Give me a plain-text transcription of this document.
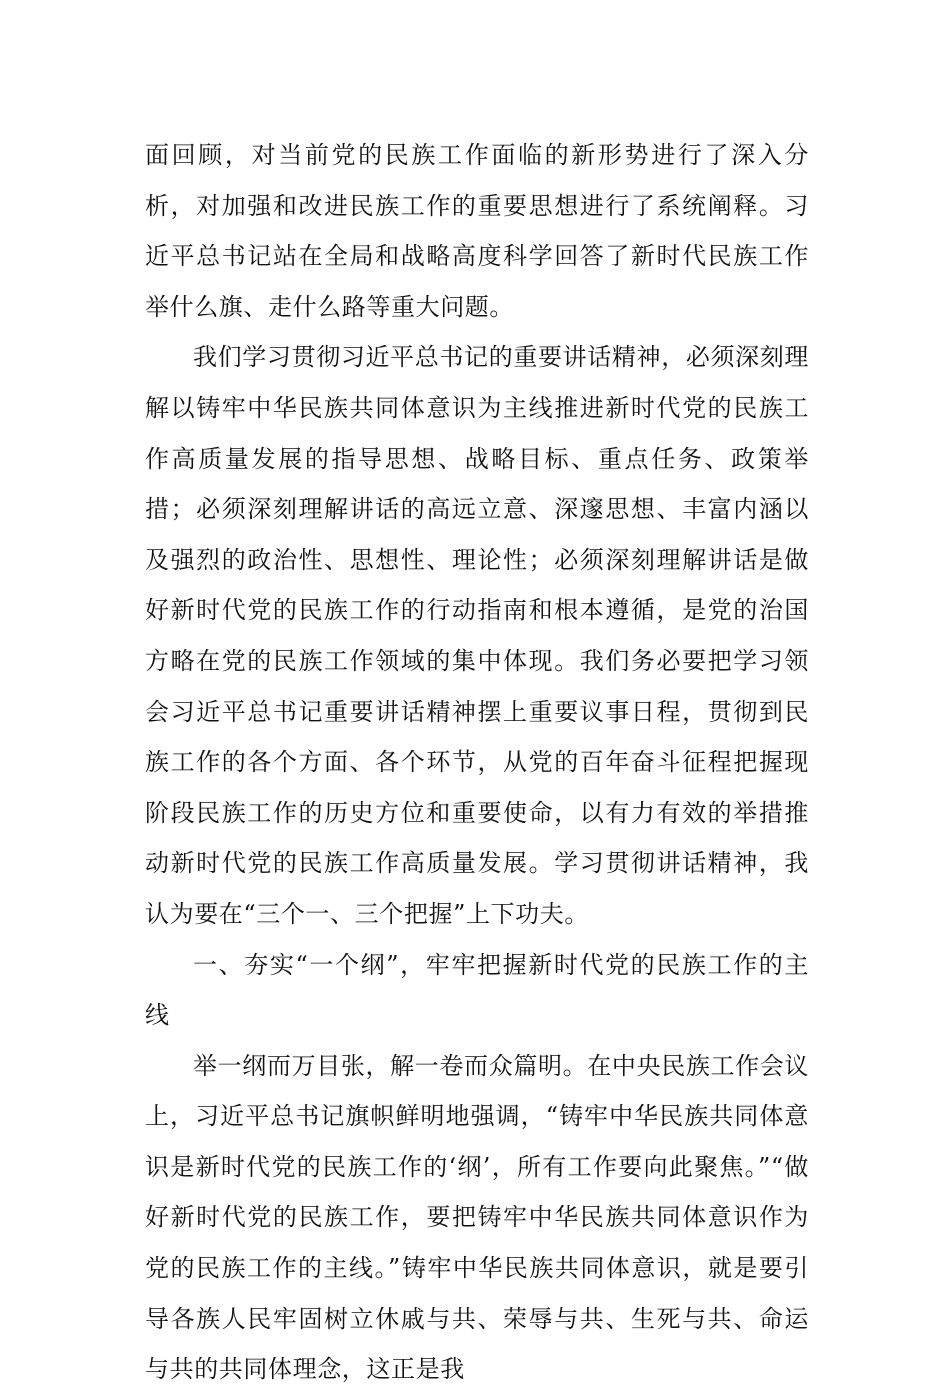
面回顾，对当前党的民族工作面临的新形势进行了深入分析，对加强和改进民族工作的重要思想进行了系统阐释。习近平总书记站在全局和战略高度科学回答了新时代民族工作举什么旗、走什么路等重大问题。

我们学习贯彻习近平总书记的重要讲话精神，必须深刻理解以铸牢中华民族共同体意识为主线推进新时代党的民族工作高质量发展的指导思想、战略目标、重点任务、政策举措；必须深刻理解讲话的高远立意、深邃思想、丰富内涵以及强烈的政治性、思想性、理论性；必须深刻理解讲话是做好新时代党的民族工作的行动指南和根本遵循，是党的治国方略在党的民族工作领域的集中体现。我们务必要把学习领会习近平总书记重要讲话精神摆上重要议事日程，贯彻到民族工作的各个方面、各个环节，从党的百年奋斗征程把握现阶段民族工作的历史方位和重要使命，以有力有效的举措推动新时代党的民族工作高质量发展。学习贯彻讲话精神，我认为要在“三个一、三个把握”上下功夫。

一、夯实“一个纲”，牢牢把握新时代党的民族工作的主线

举一纲而万目张，解一卷而众篇明。在中央民族工作会议上，习近平总书记旗帜鲜明地强调，“铸牢中华民族共同体意识是新时代党的民族工作的‘纲’，所有工作要向此聚焦。”“做好新时代党的民族工作，要把铸牢中华民族共同体意识作为党的民族工作的主线。”铸牢中华民族共同体意识，就是要引导各族人民牢固树立休戚与共、荣辱与共、生死与共、命运与共的共同体理念，这正是我
